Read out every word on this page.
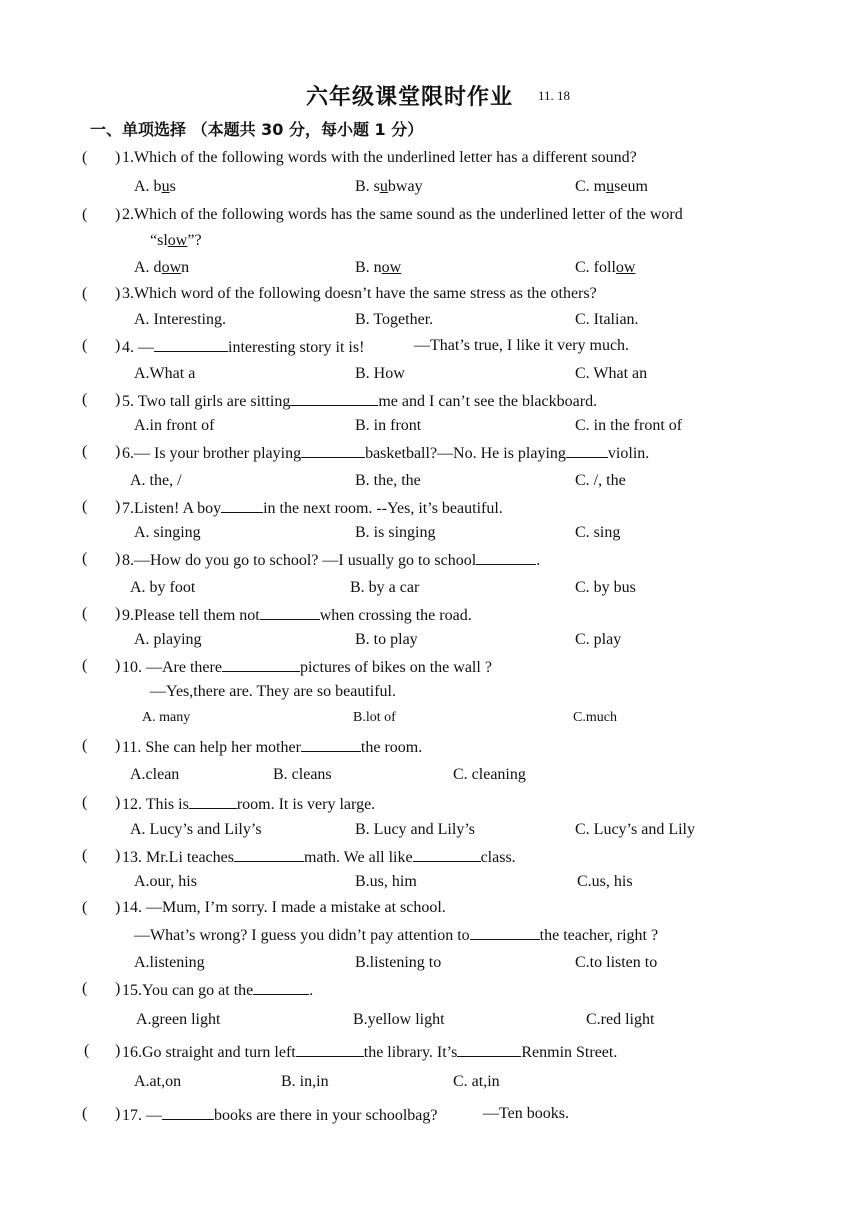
六年级课堂限时作业 11. 18
一、单项选择 （本题共 30 分，每小题 1 分）
( ) 1.Which of the following words with the underlined letter has a different sound?
A. bus	B. subway	C. museum
( ) 2.Which of the following words has the same sound as the underlined letter of the word
“slow”?
A. down	B. now	C. follow
( ) 3.Which word of the following doesn’t have the same stress as the others?
A. Interesting.	B. Together.	C. Italian.
( ) 4. —	interesting story it is!	—That’s true, I like it very much.
A.What a	B. How	C. What an
( ) 5. Two tall girls are sitting	me and I can’t see the blackboard.
A.in front of	B. in front	C. in the front of
( ) 6.— Is your brother playing	basketball?—No. He is playing	violin.
A. the, /	B. the, the	C. /, the
( ) 7.Listen! A boy	in the next room. --Yes, it’s beautiful.
A. singing	B. is singing	C. sing
( ) 8.—How do you go to school? —I usually go to school	.
A. by foot	B. by a car	C. by bus
( ) 9.Please tell them not	when crossing the road.
A. playing	B. to play	C. play
( ) 10. —Are there	pictures of bikes on the wall ?
—Yes,there are. They are so beautiful.
A. many	B.lot of	C.much
( ) 11. She can help her mother	the room.
A.clean	B. cleans	C. cleaning
( ) 12. This is	room. It is very large.
A. Lucy’s and Lily’s	B. Lucy and Lily’s	C. Lucy’s and Lily
( ) 13. Mr.Li teaches	math. We all like	class.
A.our, his	B.us, him	C.us, his
( ) 14. —Mum, I’m sorry. I made a mistake at school.
—What’s wrong? I guess you didn’t pay attention to	the teacher, right ?
A.listening	B.listening to	C.to listen to
( ) 15.You can go at the	.
A.green light	B.yellow light	C.red light
( ) 16.Go straight and turn left	the library. It’s	Renmin Street.
A.at,on	B. in,in	C. at,in
( ) 17. —	books are there in your schoolbag?	—Ten books.
